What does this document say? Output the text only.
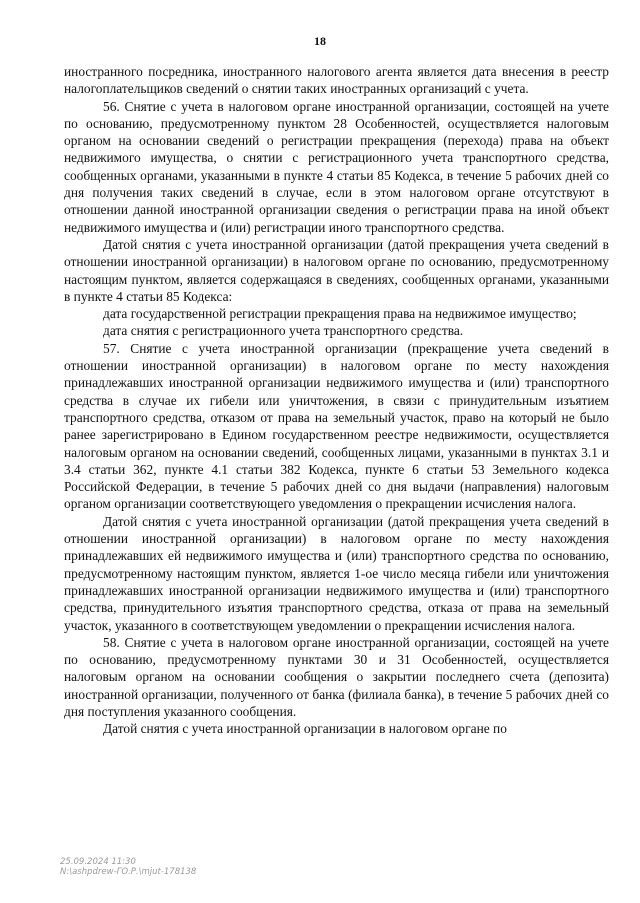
18

иностранного посредника, иностранного налогового агента является дата внесения в реестр налогоплательщиков сведений о снятии таких иностранных организаций с учета.

56. Снятие с учета в налоговом органе иностранной организации, состоящей на учете по основанию, предусмотренному пунктом 28 Особенностей, осуществляется налоговым органом на основании сведений о регистрации прекращения (перехода) права на объект недвижимого имущества, о снятии с регистрационного учета транспортного средства, сообщенных органами, указанными в пункте 4 статьи 85 Кодекса, в течение 5 рабочих дней со дня получения таких сведений в случае, если в этом налоговом органе отсутствуют в отношении данной иностранной организации сведения о регистрации права на иной объект недвижимого имущества и (или) регистрации иного транспортного средства.

Датой снятия с учета иностранной организации (датой прекращения учета сведений в отношении иностранной организации) в налоговом органе по основанию, предусмотренному настоящим пунктом, является содержащаяся в сведениях, сообщенных органами, указанными в пункте 4 статьи 85 Кодекса:

дата государственной регистрации прекращения права на недвижимое имущество;

дата снятия с регистрационного учета транспортного средства.

57. Снятие с учета иностранной организации (прекращение учета сведений в отношении иностранной организации) в налоговом органе по месту нахождения принадлежавших иностранной организации недвижимого имущества и (или) транспортного средства в случае их гибели или уничтожения, в связи с принудительным изъятием транспортного средства, отказом от права на земельный участок, право на который не было ранее зарегистрировано в Едином государственном реестре недвижимости, осуществляется налоговым органом на основании сведений, сообщенных лицами, указанными в пунктах 3.1 и 3.4 статьи 362, пункте 4.1 статьи 382 Кодекса, пункте 6 статьи 53 Земельного кодекса Российской Федерации, в течение 5 рабочих дней со дня выдачи (направления) налоговым органом организации соответствующего уведомления о прекращении исчисления налога.

Датой снятия с учета иностранной организации (датой прекращения учета сведений в отношении иностранной организации) в налоговом органе по месту нахождения принадлежавших ей недвижимого имущества и (или) транспортного средства по основанию, предусмотренному настоящим пунктом, является 1-ое число месяца гибели или уничтожения принадлежавших иностранной организации недвижимого имущества и (или) транспортного средства, принудительного изъятия транспортного средства, отказа от права на земельный участок, указанного в соответствующем уведомлении о прекращении исчисления налога.

58. Снятие с учета в налоговом органе иностранной организации, состоящей на учете по основанию, предусмотренному пунктами 30 и 31 Особенностей, осуществляется налоговым органом на основании сообщения о закрытии последнего счета (депозита) иностранной организации, полученного от банка (филиала банка), в течение 5 рабочих дней со дня поступления указанного сообщения.

Датой снятия с учета иностранной организации в налоговом органе по

25.09.2024 11:30
N:\ashpdrew-ГО.Р.\mjut-178138
